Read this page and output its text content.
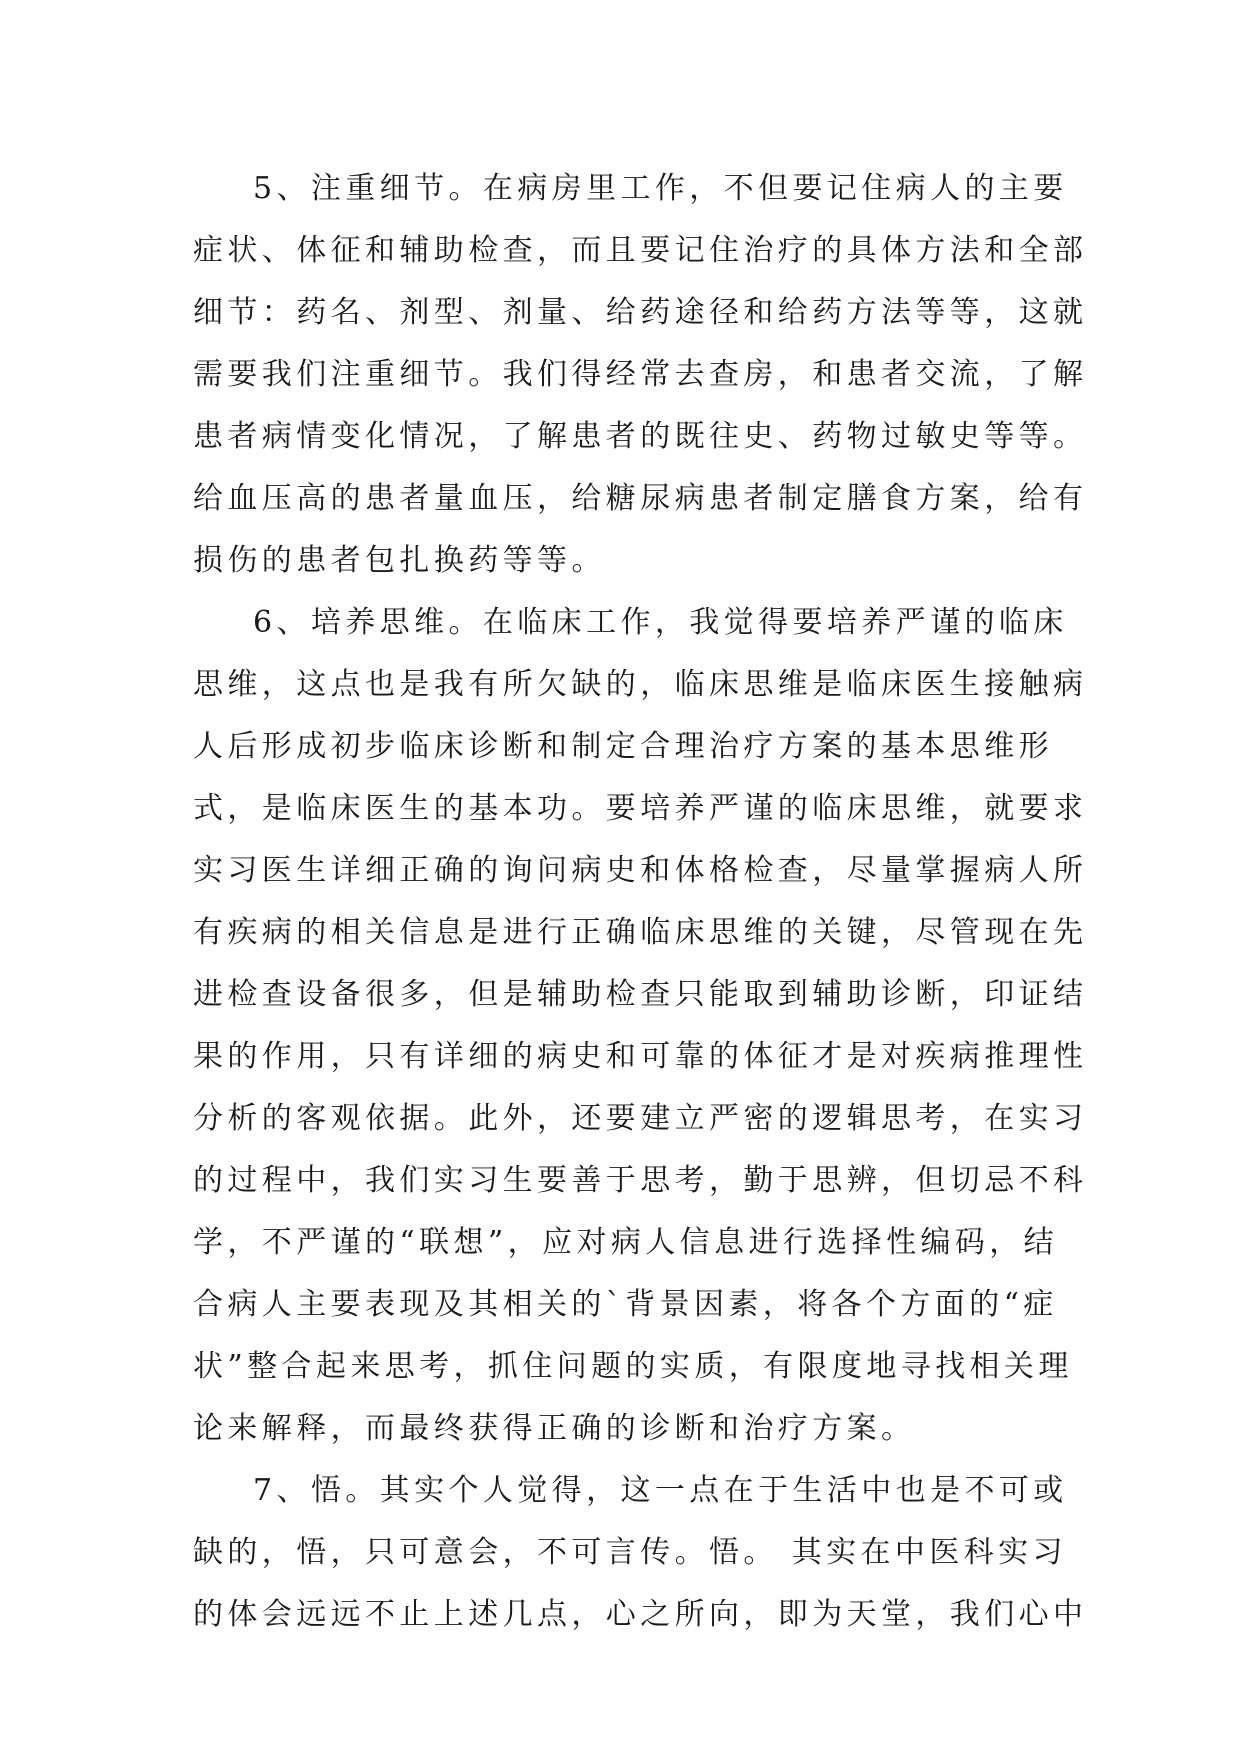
5、注重细节。在病房里工作，不但要记住病人的主要
症状、体征和辅助检查，而且要记住治疗的具体方法和全部
细节：药名、剂型、剂量、给药途径和给药方法等等，这就
需要我们注重细节。我们得经常去查房，和患者交流，了解
患者病情变化情况，了解患者的既往史、药物过敏史等等。
给血压高的患者量血压，给糖尿病患者制定膳食方案，给有
损伤的患者包扎换药等等。
6、培养思维。在临床工作，我觉得要培养严谨的临床
思维，这点也是我有所欠缺的，临床思维是临床医生接触病
人后形成初步临床诊断和制定合理治疗方案的基本思维形
式，是临床医生的基本功。要培养严谨的临床思维，就要求
实习医生详细正确的询问病史和体格检查，尽量掌握病人所
有疾病的相关信息是进行正确临床思维的关键，尽管现在先
进检查设备很多，但是辅助检查只能取到辅助诊断，印证结
果的作用，只有详细的病史和可靠的体征才是对疾病推理性
分析的客观依据。此外，还要建立严密的逻辑思考，在实习
的过程中，我们实习生要善于思考，勤于思辨，但切忌不科
学，不严谨的“联想”，应对病人信息进行选择性编码，结
合病人主要表现及其相关的`背景因素，将各个方面的“症
状”整合起来思考，抓住问题的实质，有限度地寻找相关理
论来解释，而最终获得正确的诊断和治疗方案。
7、悟。其实个人觉得，这一点在于生活中也是不可或
缺的，悟，只可意会，不可言传。悟。 其实在中医科实习
的体会远远不止上述几点，心之所向，即为天堂，我们心中
